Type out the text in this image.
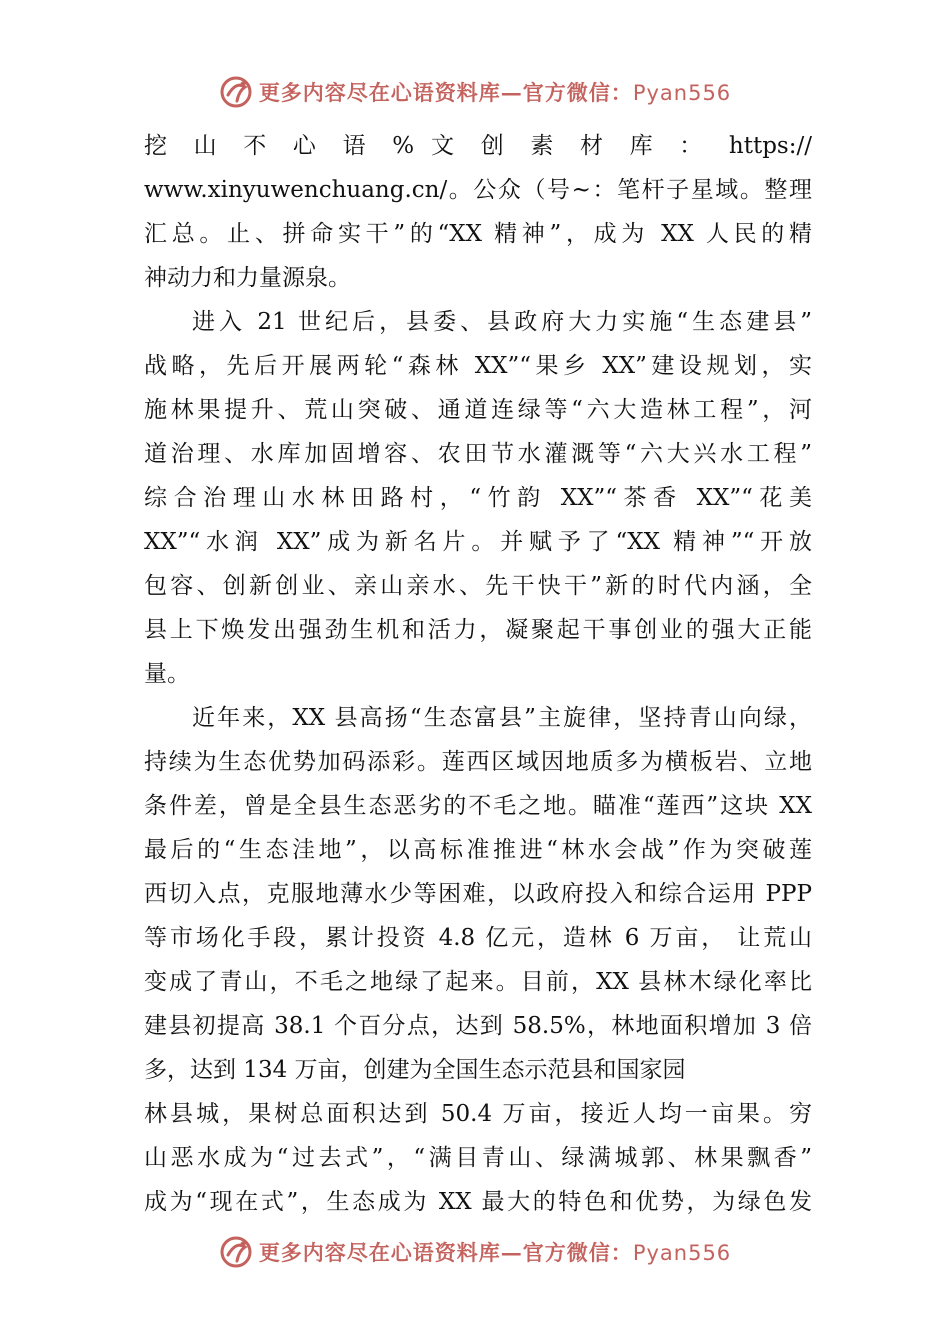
更多内容尽在心语资料库—官方微信：Pyan556
挖 山 不 心 语 % 文 创 素 材 库 ： https://
www.xinyuwenchuang.cn/。公众（号~：笔杆子星域。整理
汇总。止、拼命实干”的“XX 精神”，成为 XX 人民的精
神动力和力量源泉。
进入 21 世纪后，县委、县政府大力实施“生态建县”
战略，先后开展两轮“森林 XX”“果乡 XX”建设规划，实
施林果提升、荒山突破、通道连绿等“六大造林工程”，河
道治理、水库加固增容、农田节水灌溉等“六大兴水工程”
综合治理山水林田路村，“竹韵 XX”“茶香 XX”“花美
XX”“水润 XX”成为新名片。并赋予了“XX 精神”“开放
包容、创新创业、亲山亲水、先干快干”新的时代内涵，全
县上下焕发出强劲生机和活力，凝聚起干事创业的强大正能
量。
近年来，XX 县高扬“生态富县”主旋律，坚持青山向绿，
持续为生态优势加码添彩。莲西区域因地质多为横板岩、立地
条件差，曾是全县生态恶劣的不毛之地。瞄准“莲西”这块 XX
最后的“生态洼地”，以高标准推进“林水会战”作为突破莲
西切入点，克服地薄水少等困难，以政府投入和综合运用 PPP
等市场化手段，累计投资 4.8 亿元，造林 6 万亩， 让荒山
变成了青山，不毛之地绿了起来。目前，XX 县林木绿化率比
建县初提高 38.1 个百分点，达到 58.5%，林地面积增加 3 倍
多，达到 134 万亩，创建为全国生态示范县和国家园
林县城，果树总面积达到 50.4 万亩，接近人均一亩果。穷
山恶水成为“过去式”，“满目青山、绿满城郭、林果飘香”
成为“现在式”，生态成为 XX 最大的特色和优势，为绿色发
更多内容尽在心语资料库—官方微信：Pyan556
